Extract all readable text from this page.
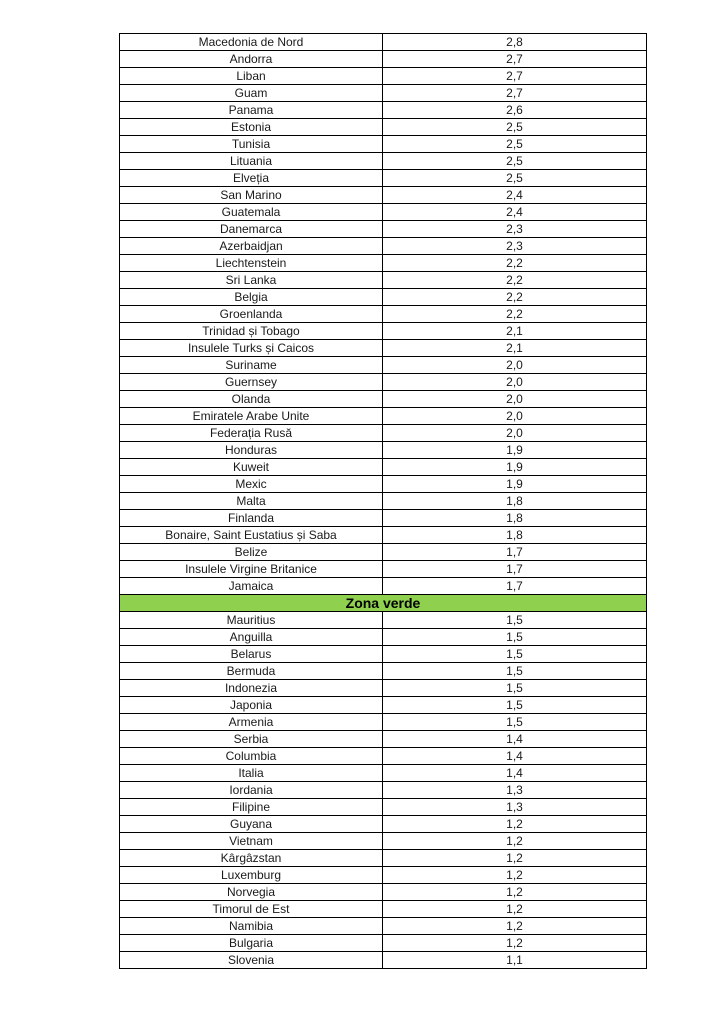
Macedonia de Nord	2,8
Andorra	2,7
Liban	2,7
Guam	2,7
Panama	2,6
Estonia	2,5
Tunisia	2,5
Lituania	2,5
Elveția	2,5
San Marino	2,4
Guatemala	2,4
Danemarca	2,3
Azerbaidjan	2,3
Liechtenstein	2,2
Sri Lanka	2,2
Belgia	2,2
Groenlanda	2,2
Trinidad și Tobago	2,1
Insulele Turks și Caicos	2,1
Suriname	2,0
Guernsey	2,0
Olanda	2,0
Emiratele Arabe Unite	2,0
Federația Rusă	2,0
Honduras	1,9
Kuweit	1,9
Mexic	1,9
Malta	1,8
Finlanda	1,8
Bonaire, Saint Eustatius și Saba	1,8
Belize	1,7
Insulele Virgine Britanice	1,7
Jamaica	1,7
Zona verde	
Mauritius	1,5
Anguilla	1,5
Belarus	1,5
Bermuda	1,5
Indonezia	1,5
Japonia	1,5
Armenia	1,5
Serbia	1,4
Columbia	1,4
Italia	1,4
Iordania	1,3
Filipine	1,3
Guyana	1,2
Vietnam	1,2
Kârgâzstan	1,2
Luxemburg	1,2
Norvegia	1,2
Timorul de Est	1,2
Namibia	1,2
Bulgaria	1,2
Slovenia	1,1
